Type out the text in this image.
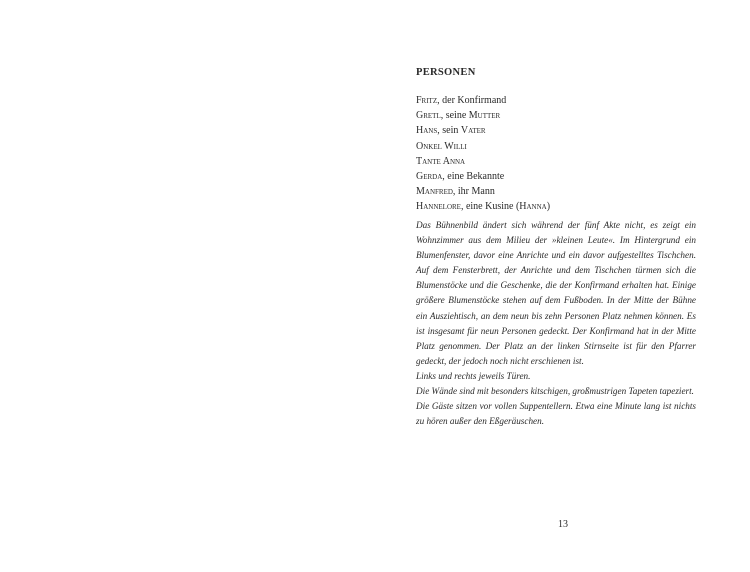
PERSONEN
Fritz, der Konfirmand
Gretl, seine Mutter
Hans, sein Vater
Onkel Willi
Tante Anna
Gerda, eine Bekannte
Manfred, ihr Mann
Hannelore, eine Kusine (Hanna)

Das Bühnenbild ändert sich während der fünf Akte nicht, es zeigt ein Wohnzimmer aus dem Milieu der »kleinen Leute«. Im Hintergrund ein Blumenfenster, davor eine Anrichte und ein davor aufgestelltes Tischchen. Auf dem Fensterbrett, der Anrichte und dem Tischchen türmen sich die Blumenstöcke und die Geschenke, die der Konfirmand erhalten hat. Einige größere Blumenstöcke stehen auf dem Fußboden. In der Mitte der Bühne ein Ausziehtisch, an dem neun bis zehn Personen Platz nehmen können. Es ist insgesamt für neun Personen gedeckt. Der Konfirmand hat in der Mitte Platz genommen. Der Platz an der linken Stirnseite ist für den Pfarrer gedeckt, der jedoch noch nicht erschienen ist.

Links und rechts jeweils Türen.

Die Wände sind mit besonders kitschigen, großmustrigen Tapeten tapeziert.

Die Gäste sitzen vor vollen Suppentellern. Etwa eine Minute lang ist nichts zu hören außer den Eßgeräuschen.

13
